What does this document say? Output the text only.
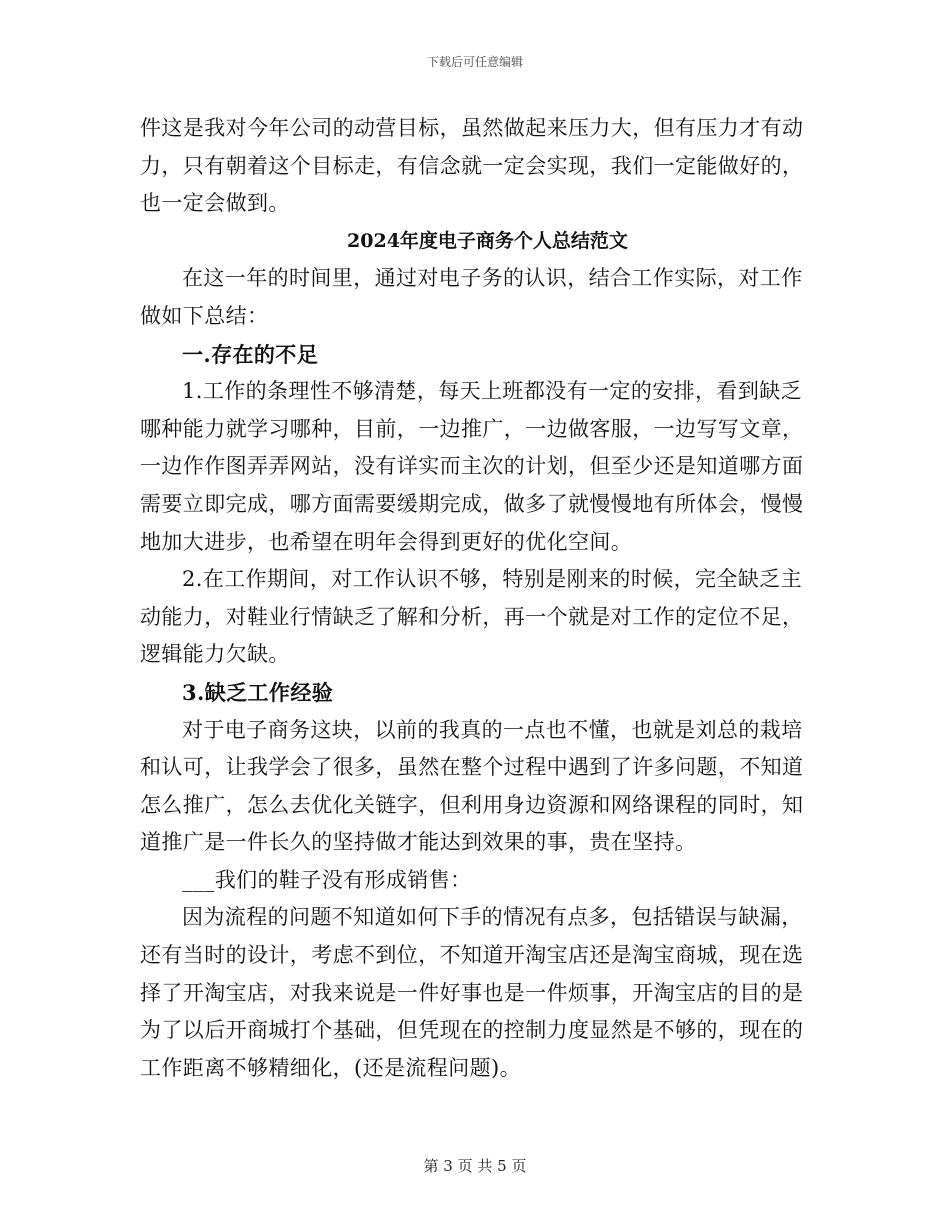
下载后可任意编辑

件这是我对今年公司的动营目标，虽然做起来压力大，但有压力才有动力，只有朝着这个目标走，有信念就一定会实现，我们一定能做好的，也一定会做到。

2024年度电子商务个人总结范文

在这一年的时间里，通过对电子务的认识，结合工作实际，对工作做如下总结：

一.存在的不足

1.工作的条理性不够清楚，每天上班都没有一定的安排，看到缺乏哪种能力就学习哪种，目前，一边推广，一边做客服，一边写写文章，一边作作图弄弄网站，没有详实而主次的计划，但至少还是知道哪方面需要立即完成，哪方面需要缓期完成，做多了就慢慢地有所体会，慢慢地加大进步，也希望在明年会得到更好的优化空间。

2.在工作期间，对工作认识不够，特别是刚来的时候，完全缺乏主动能力，对鞋业行情缺乏了解和分析，再一个就是对工作的定位不足，逻辑能力欠缺。

3.缺乏工作经验

对于电子商务这块，以前的我真的一点也不懂，也就是刘总的栽培和认可，让我学会了很多，虽然在整个过程中遇到了许多问题，不知道怎么推广，怎么去优化关链字，但利用身边资源和网络课程的同时，知道推广是一件长久的坚持做才能达到效果的事，贵在坚持。

___我们的鞋子没有形成销售：

因为流程的问题不知道如何下手的情况有点多，包括错误与缺漏，还有当时的设计，考虑不到位，不知道开淘宝店还是淘宝商城，现在选择了开淘宝店，对我来说是一件好事也是一件烦事，开淘宝店的目的是为了以后开商城打个基础，但凭现在的控制力度显然是不够的，现在的工作距离不够精细化，(还是流程问题)。

第 3 页 共 5 页
